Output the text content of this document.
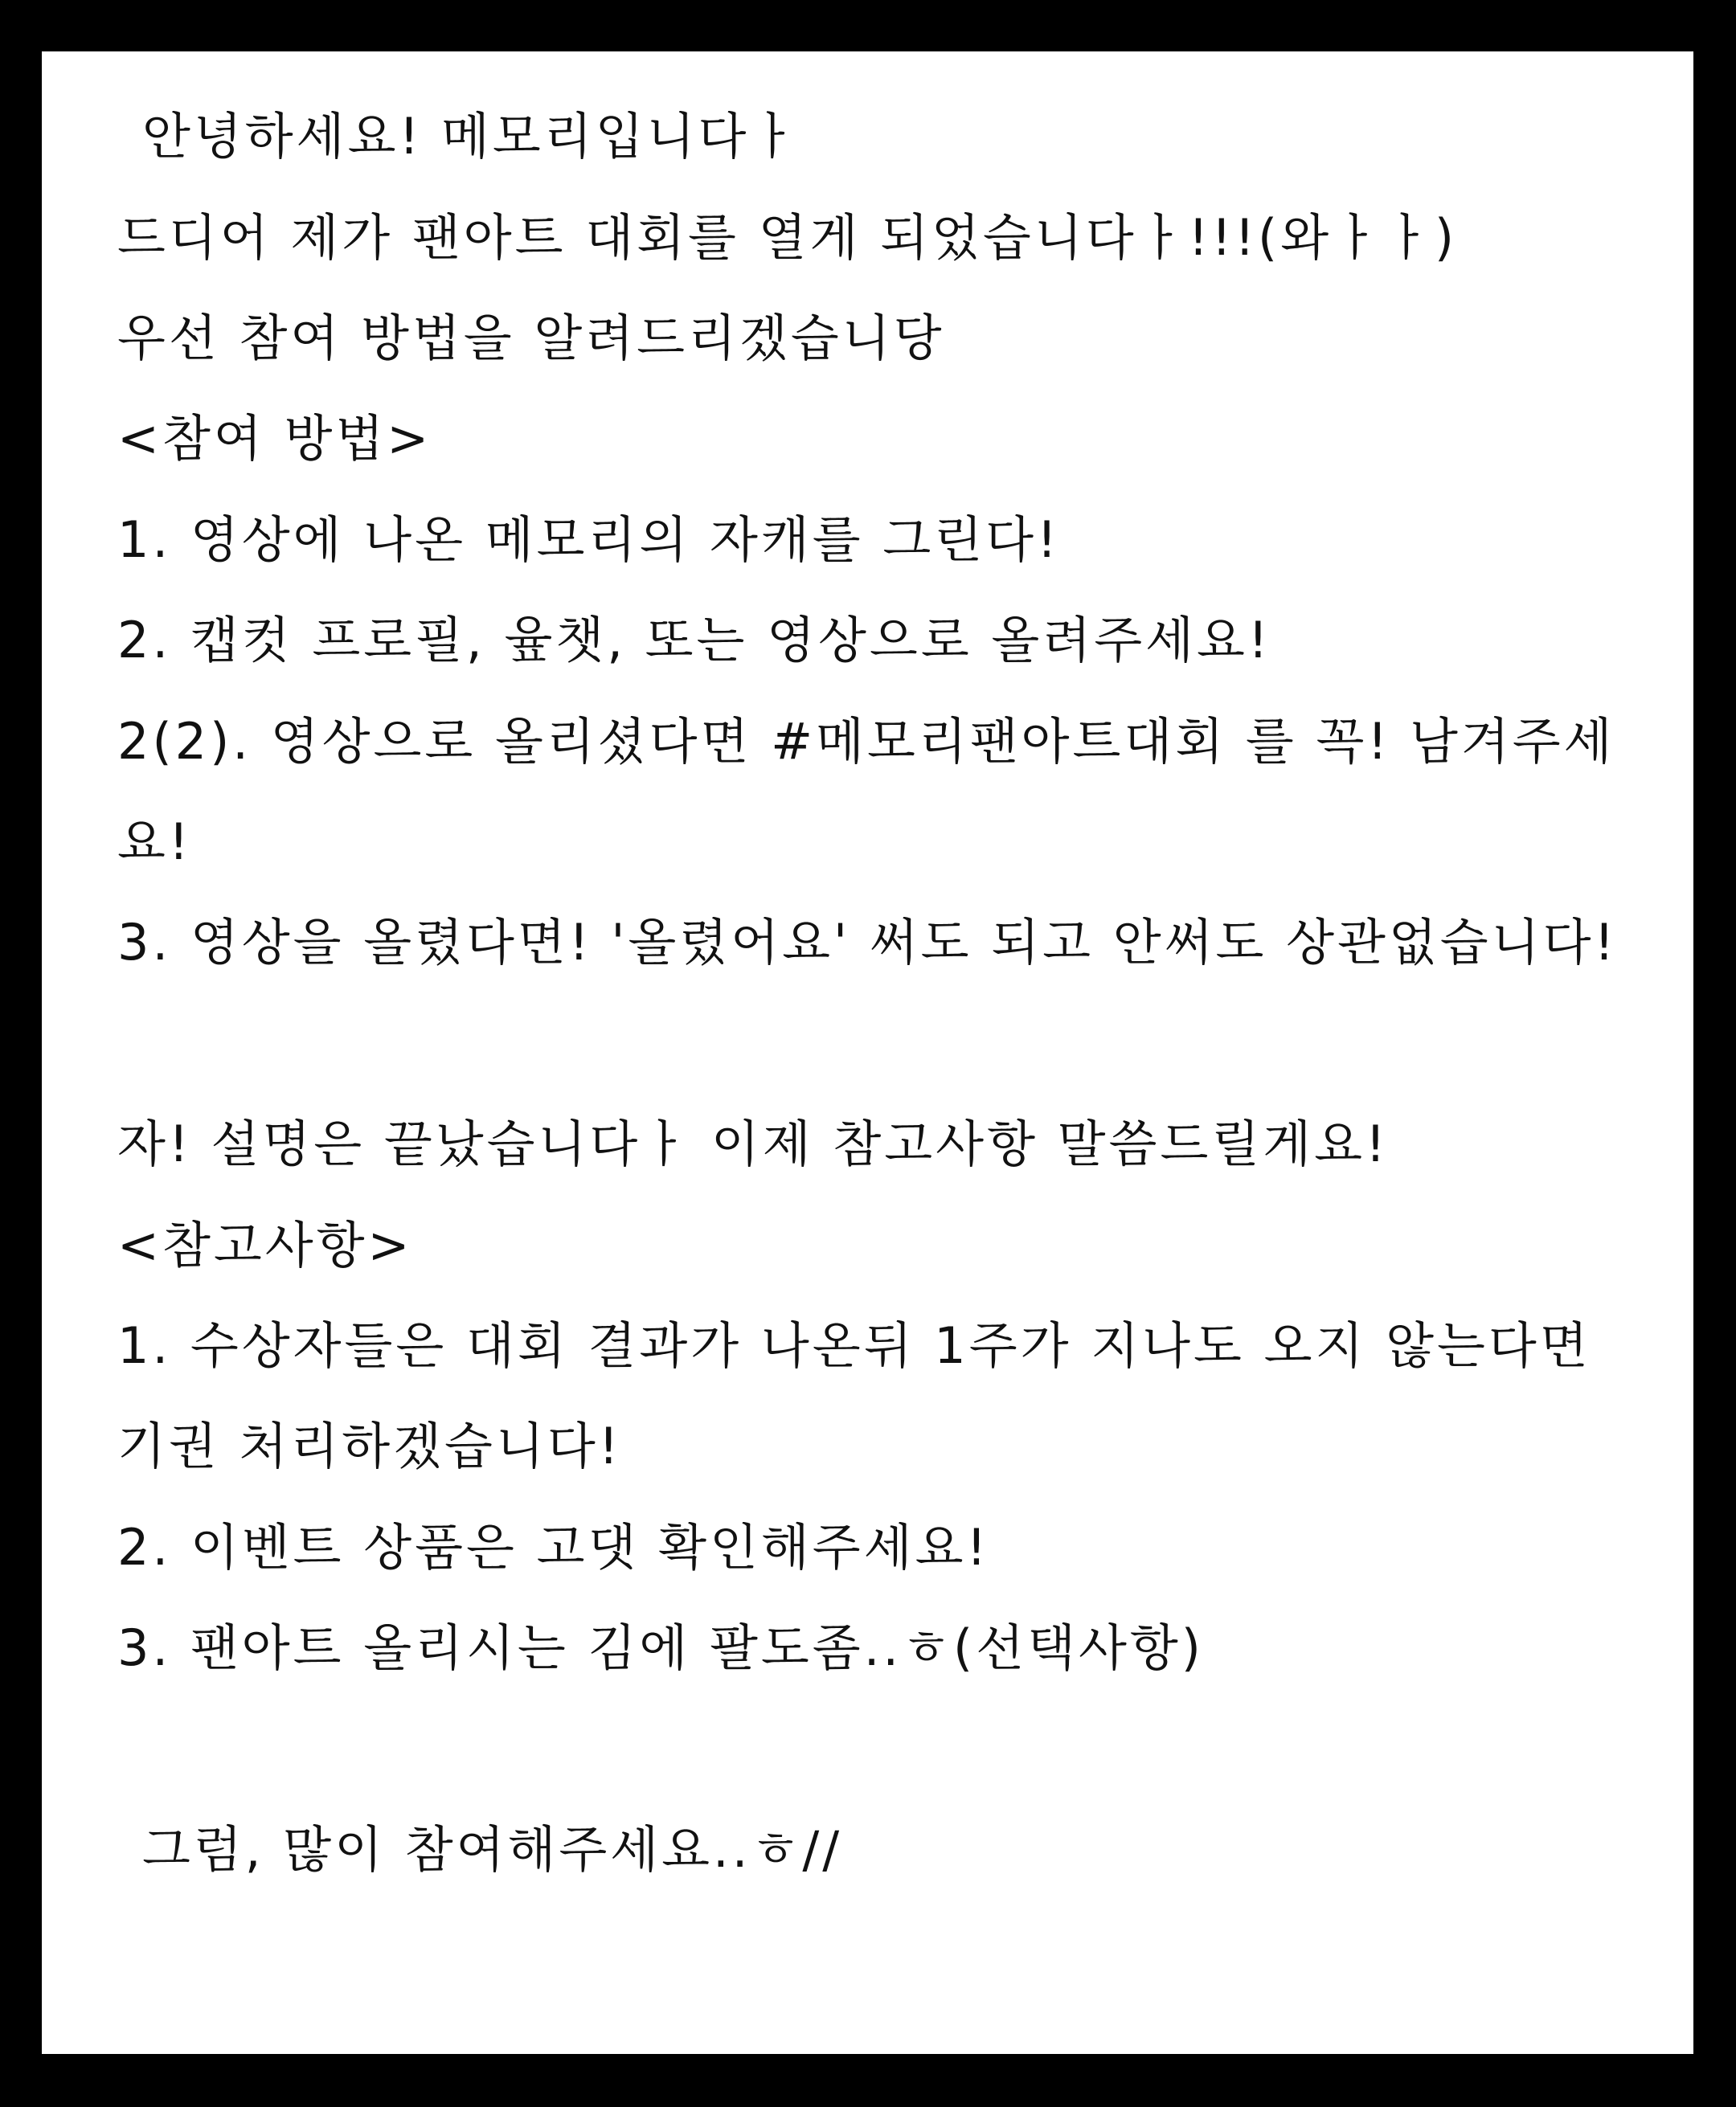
안녕하세요! 메모리입니다ㅏ

드디어 제가 팬아트 대회를 열게 되었습니다ㅏ!!!(와ㅏㅏ)

우선 참여 방법을 알려드리겠습니당

<참여 방법>

1. 영상에 나온 메모리의 자캐를 그린다!

2. 캡컷 프로필, 윺챗, 또는 영상으로 올려주세요!

2(2). 영상으로 올리셨다면 #메모리팬아트대회 를 꼭! 남겨주세

요!

3. 영상을 올렸다면! '올렸어요' 써도 되고 안써도 상관없습니다!

자! 설명은 끝났습니다ㅏ 이제 참고사항 말씀드릴게요!

<참고사항>

1. 수상자들은 대회 결과가 나온뒤 1주가 지나도 오지 않는다면

기권 처리하겠습니다!

2. 이벤트 상품은 고댓 확인해주세요!

3. 팬아트 올리시는 김에 팔도좀..ㅎ(선택사항)

그럼, 많이 참여해주세요..ㅎ//
